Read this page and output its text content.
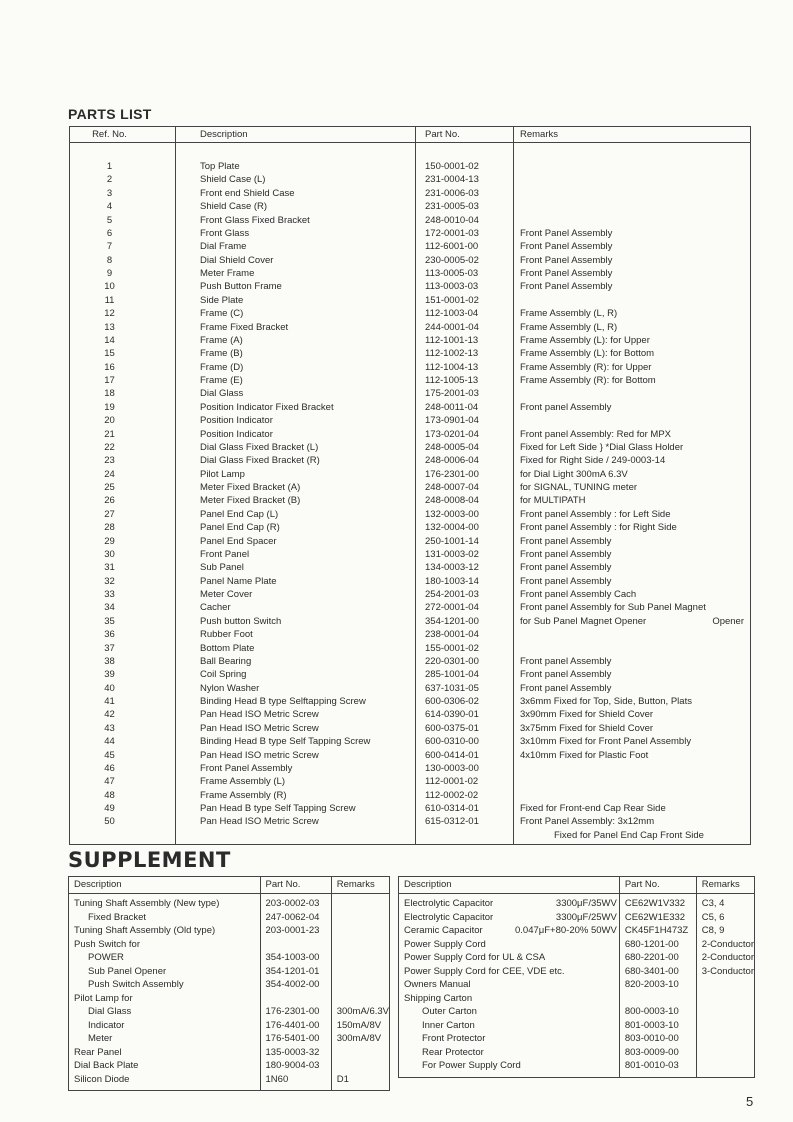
PARTS LIST
Ref. No.	Description	Part No.	Remarks

1	Top Plate	150-0001-02	
2	Shield Case (L)	231-0004-13	
3	Front end Shield Case	231-0006-03	
4	Shield Case (R)	231-0005-03	
5	Front Glass Fixed Bracket	248-0010-04	
6	Front Glass	172-0001-03	Front Panel Assembly
7	Dial Frame	112-6001-00	Front Panel Assembly
8	Dial Shield Cover	230-0005-02	Front Panel Assembly
9	Meter Frame	113-0005-03	Front Panel Assembly
10	Push Button Frame	113-0003-03	Front Panel Assembly
11	Side Plate	151-0001-02	
12	Frame (C)	112-1003-04	Frame Assembly (L, R)
13	Frame Fixed Bracket	244-0001-04	Frame Assembly (L, R)
14	Frame (A)	112-1001-13	Frame Assembly (L): for Upper
15	Frame (B)	112-1002-13	Frame Assembly (L): for Bottom
16	Frame (D)	112-1004-13	Frame Assembly (R): for Upper
17	Frame (E)	112-1005-13	Frame Assembly (R): for Bottom
18	Dial Glass	175-2001-03	
19	Position Indicator Fixed Bracket	248-0011-04	Front panel Assembly
20	Position Indicator	173-0901-04	
21	Position Indicator	173-0201-04	Front panel Assembly: Red for MPX
22	Dial Glass Fixed Bracket (L)	248-0005-04	Fixed for Left Side } *Dial Glass Holder
23	Dial Glass Fixed Bracket (R)	248-0006-04	Fixed for Right Side / 249-0003-14
24	Pilot Lamp	176-2301-00	for Dial Light 300mA 6.3V
25	Meter Fixed Bracket (A)	248-0007-04	for SIGNAL, TUNING meter
26	Meter Fixed Bracket (B)	248-0008-04	for MULTIPATH
27	Panel End Cap (L)	132-0003-00	Front panel Assembly : for Left Side
28	Panel End Cap (R)	132-0004-00	Front panel Assembly : for Right Side
29	Panel End Spacer	250-1001-14	Front panel Assembly
30	Front Panel	131-0003-02	Front panel Assembly
31	Sub Panel	134-0003-12	Front panel Assembly
32	Panel Name Plate	180-1003-14	Front panel Assembly
33	Meter Cover	254-2001-03	Front panel Assembly Cach
34	Cacher	272-0001-04	Front panel Assembly for Sub Panel Magnet
35	Push button Switch	354-1201-00	for Sub Panel Magnet Opener Opener

36	Rubber Foot	238-0001-04	
37	Bottom Plate	155-0001-02	
38	Ball Bearing	220-0301-00	Front panel Assembly
39	Coil Spring	285-1001-04	Front panel Assembly
40	Nylon Washer	637-1031-05	Front panel Assembly
41	Binding Head B type Selftapping Screw	600-0306-02	3x6mm Fixed for Top, Side, Button, Plats
42	Pan Head ISO Metric Screw	614-0390-01	3x90mm Fixed for Shield Cover
43	Pan Head ISO Metric Screw	600-0375-01	3x75mm Fixed for Shield Cover
44	Binding Head B type Self Tapping Screw	600-0310-00	3x10mm Fixed for Front Panel Assembly
45	Pan Head ISO metric Screw	600-0414-01	4x10mm Fixed for Plastic Foot
46	Front Panel Assembly	130-0003-00	
47	Frame Assembly (L)	112-0001-02	
48	Frame Assembly (R)	112-0002-02	
49	Pan Head B type Self Tapping Screw	610-0314-01	Fixed for Front-end Cap Rear Side
50	Pan Head ISO Metric Screw	615-0312-01	Front Panel Assembly: 3x12mm
Fixed for Panel End Cap Front Side

SUPPLEMENT
Description	Part No.	Remarks
Tuning Shaft Assembly (New type)	203-0002-03	
Fixed Bracket	247-0062-04	
Tuning Shaft Assembly (Old type)	203-0001-23	
Push Switch for		
POWER	354-1003-00	
Sub Panel Opener	354-1201-01	
Push Switch Assembly	354-4002-00	
Pilot Lamp for		
Dial Glass	176-2301-00	300mA/6.3V
Indicator	176-4401-00	150mA/8V
Meter	176-5401-00	300mA/8V
Rear Panel	135-0003-32	
Dial Back Plate	180-9004-03	
Silicon Diode	1N60	D1

Description	Part No.	Remarks
Electrolytic Capacitor 3300μF/35WV	CE62W1V332	C3, 4
Electrolytic Capacitor 3300μF/25WV	CE62W1E332	C5, 6
Ceramic Capacitor 0.047μF+80-20% 50WV	CK45F1H473Z	C8, 9
Power Supply Cord	680-1201-00	2-Conductor
Power Supply Cord for UL & CSA	680-2201-00	2-Conductor
Power Supply Cord for CEE, VDE etc.	680-3401-00	3-Conductor
Owners Manual	820-2003-10	
Shipping Carton		
Outer Carton	800-0003-10	
Inner Carton	801-0003-10	
Front Protector	803-0010-00	
Rear Protector	803-0009-00	
For Power Supply Cord	801-0010-03	

5
